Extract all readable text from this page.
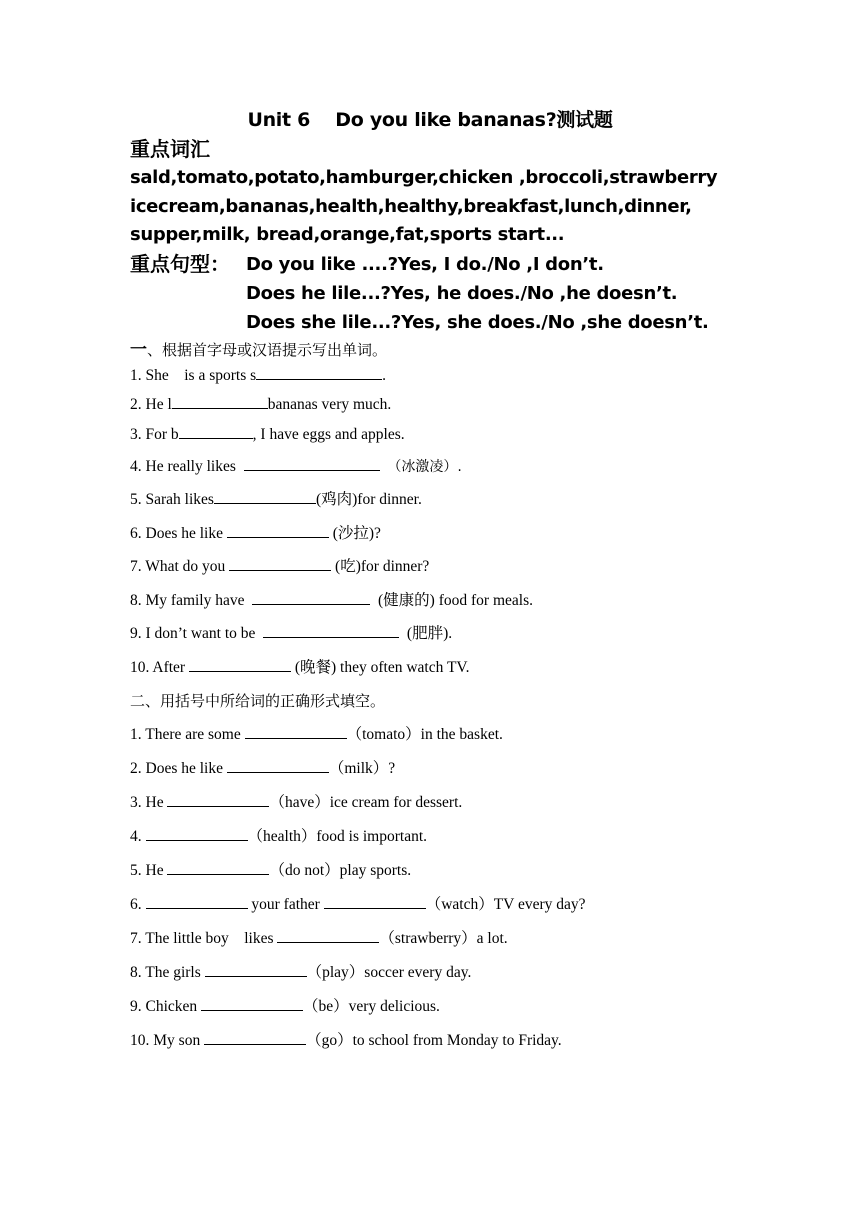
Unit 6    Do you like bananas?测试题

重点词汇

sald,tomato,potato,hamburger,chicken ,broccoli,strawberry

icecream,bananas,health,healthy,breakfast,lunch,dinner,

supper,milk, bread,orange,fat,sports start...

重点句型： Do you like ....?Yes, I do./No ,I don’t.
Does he lile...?Yes, he does./No ,he doesn’t.
Does she lile...?Yes, she does./No ,she doesn’t.

一、根据首字母或汉语提示写出单词。

1. She    is a sports s	.

2. He l	bananas very much.

3. For b	, I have eggs and apples.

4. He really likes	（冰激凌）.

5. Sarah likes	(鸡肉)for dinner.

6. Does he like	(沙拉)?

7. What do you	(吃)for dinner?

8. My family have	(健康的) food for meals.

9. I don’t want to be	(肥胖).

10. After	(晚餐) they often watch TV.

二、用括号中所给词的正确形式填空。

1. There are some	（tomato）in the basket.

2. Does he like	（milk）?

3. He	（have）ice cream for dessert.

4.	（health）food is important.

5. He	（do not）play sports.

6.	your father	（watch）TV every day?

7. The little boy    likes	（strawberry）a lot.

8. The girls	（play）soccer every day.

9. Chicken	（be）very delicious.

10. My son	（go）to school from Monday to Friday.
